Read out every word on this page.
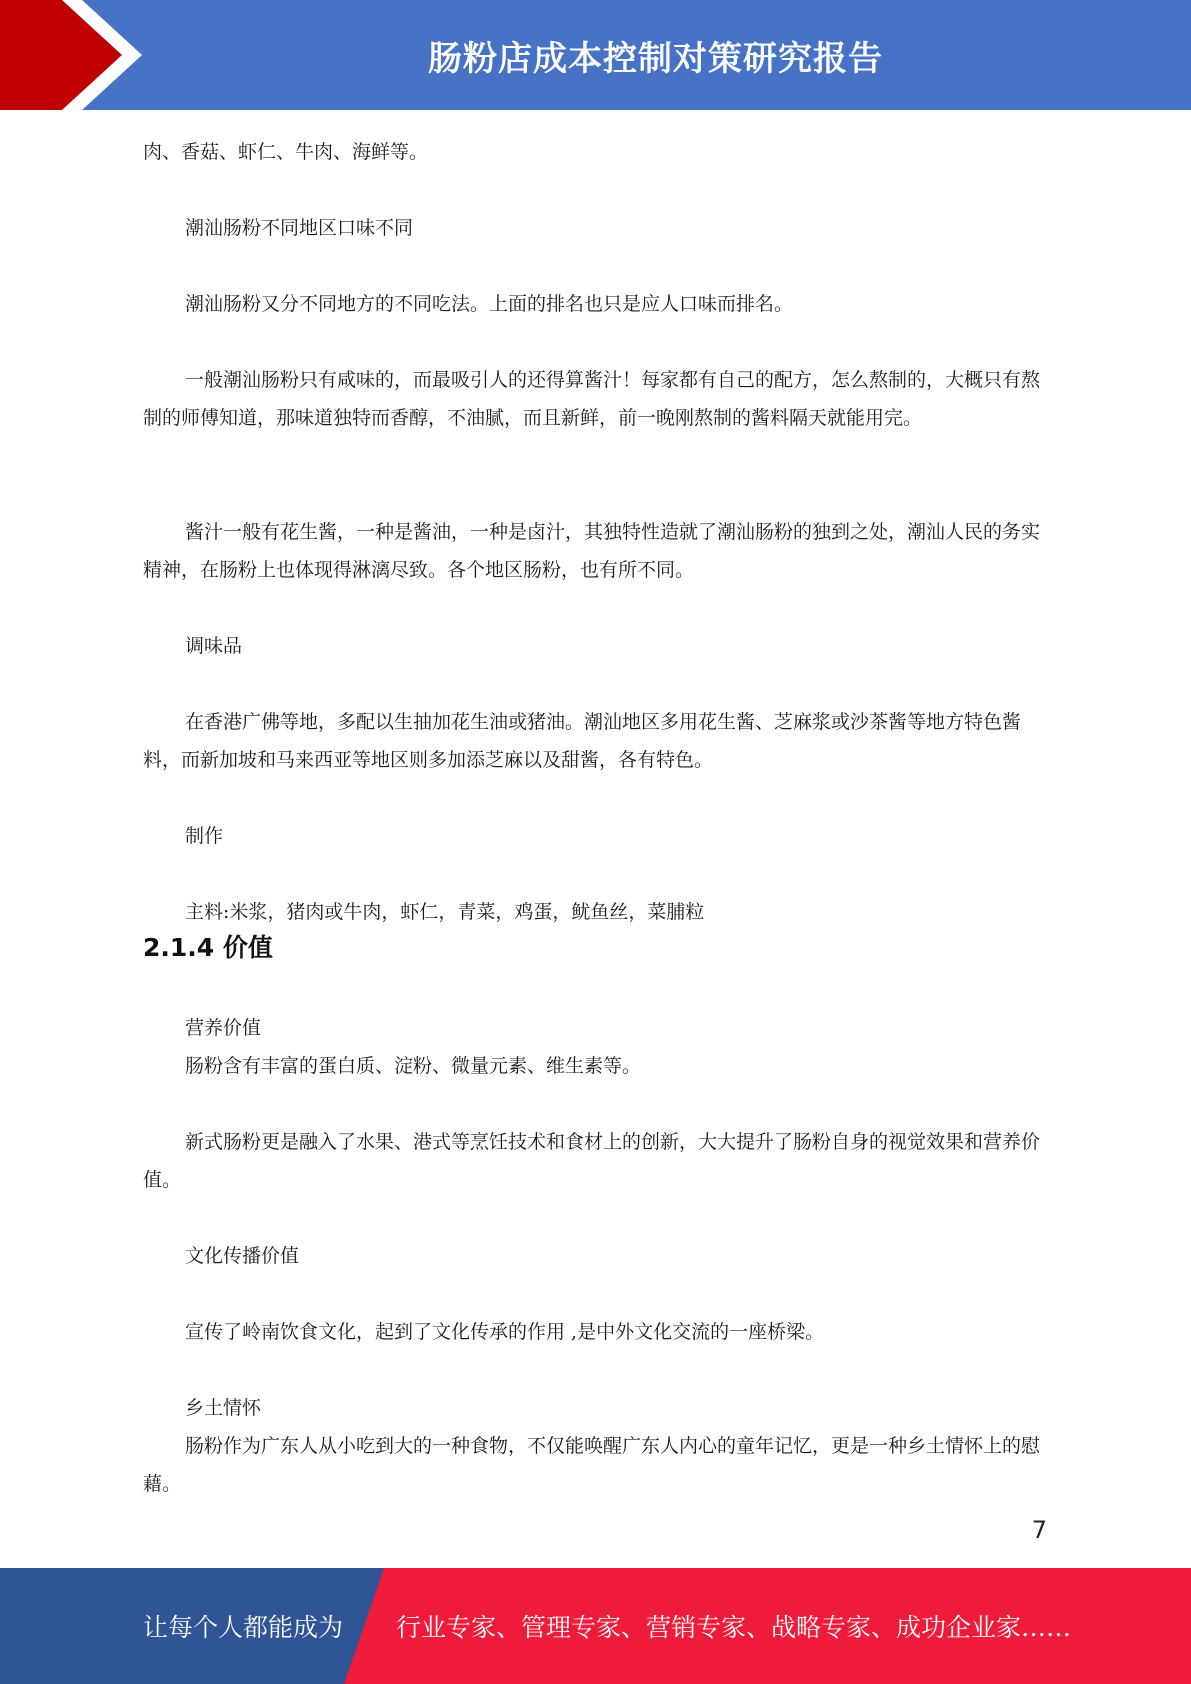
肠粉店成本控制对策研究报告

肉、香菇、虾仁、牛肉、海鲜等。

潮汕肠粉不同地区口味不同

潮汕肠粉又分不同地方的不同吃法。上面的排名也只是应人口味而排名。

一般潮汕肠粉只有咸味的，而最吸引人的还得算酱汁！每家都有自己的配方，怎么熬制的，大概只有熬制的师傅知道，那味道独特而香醇，不油腻，而且新鲜，前一晚刚熬制的酱料隔天就能用完。

酱汁一般有花生酱，一种是酱油，一种是卤汁，其独特性造就了潮汕肠粉的独到之处，潮汕人民的务实精神，在肠粉上也体现得淋漓尽致。各个地区肠粉，也有所不同。

调味品

在香港广佛等地，多配以生抽加花生油或猪油。潮汕地区多用花生酱、芝麻浆或沙茶酱等地方特色酱料，而新加坡和马来西亚等地区则多加添芝麻以及甜酱，各有特色。

制作

主料:米浆，猪肉或牛肉，虾仁，青菜，鸡蛋，鱿鱼丝，菜脯粒

2.1.4 价值

营养价值

肠粉含有丰富的蛋白质、淀粉、微量元素、维生素等。

新式肠粉更是融入了水果、港式等烹饪技术和食材上的创新，大大提升了肠粉自身的视觉效果和营养价值。

文化传播价值

宣传了岭南饮食文化，起到了文化传承的作用 ,是中外文化交流的一座桥梁。

乡土情怀

肠粉作为广东人从小吃到大的一种食物，不仅能唤醒广东人内心的童年记忆，更是一种乡土情怀上的慰藉。

7
让每个人都能成为 行业专家、管理专家、营销专家、战略专家、成功企业家……
